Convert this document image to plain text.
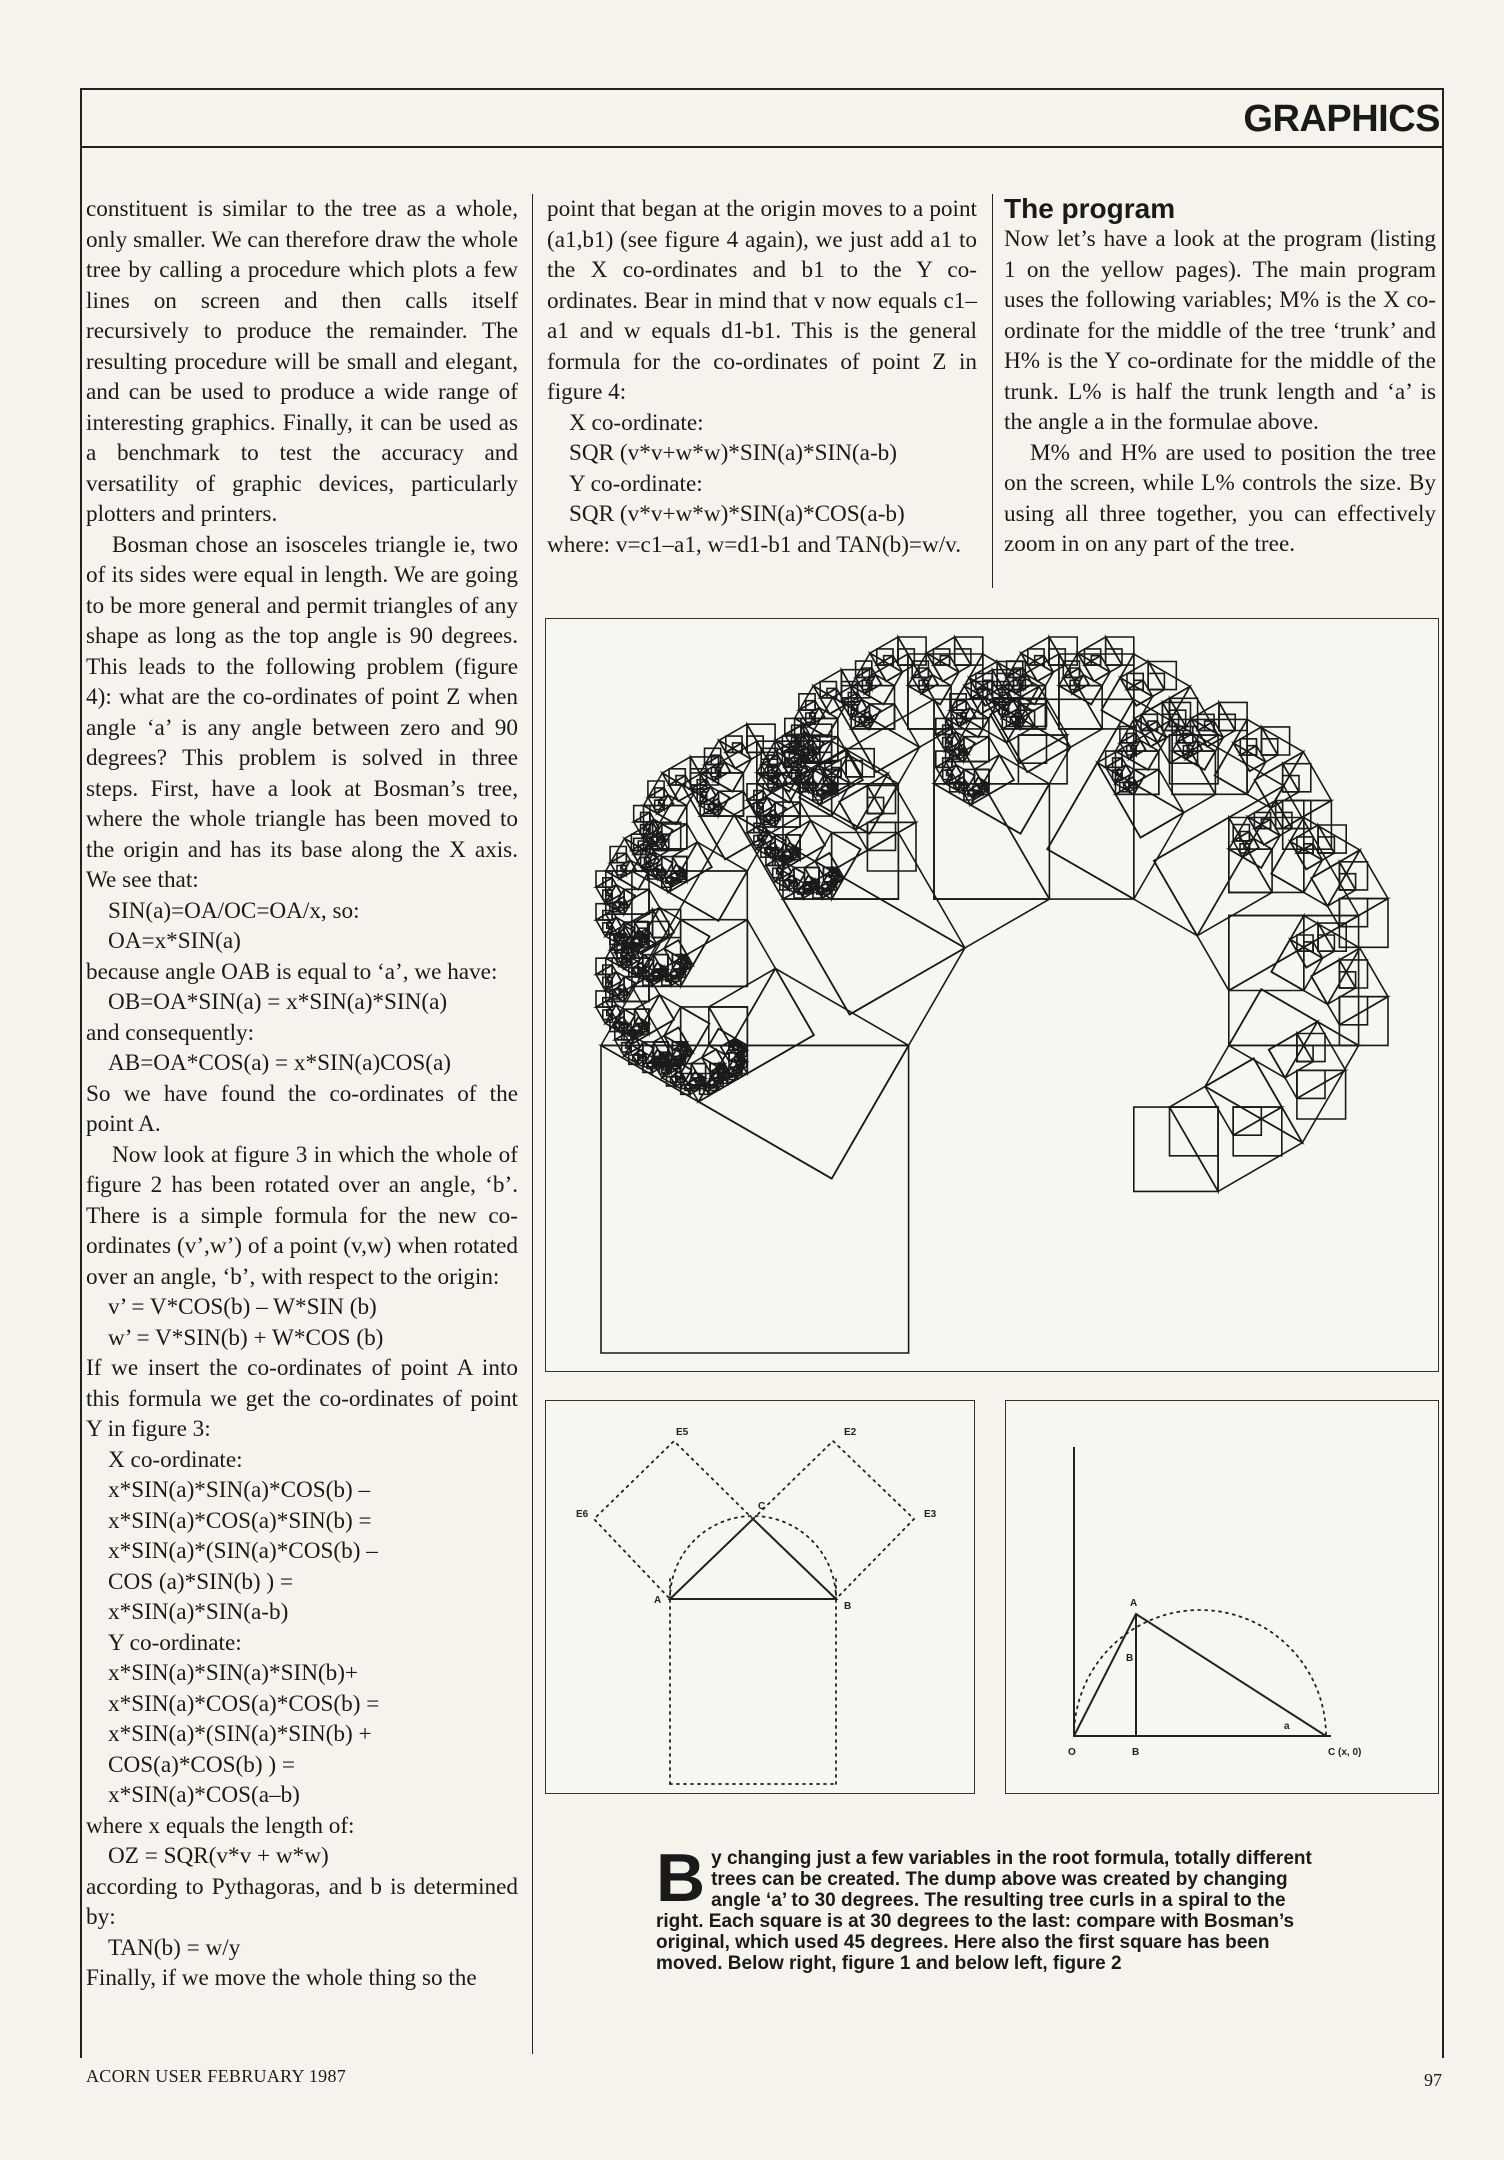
GRAPHICS

constituent is similar to the tree as a whole, only smaller. We can therefore draw the whole tree by calling a procedure which plots a few lines on screen and then calls itself recursively to produce the remainder. The resulting procedure will be small and elegant, and can be used to produce a wide range of interesting graphics. Finally, it can be used as a benchmark to test the accuracy and versatility of graphic devices, particularly plotters and printers.

Bosman chose an isosceles triangle ie, two of its sides were equal in length. We are going to be more general and permit triangles of any shape as long as the top angle is 90 degrees. This leads to the following problem (figure 4): what are the co-ordinates of point Z when angle ‘a’ is any angle between zero and 90 degrees? This problem is solved in three steps. First, have a look at Bosman’s tree, where the whole triangle has been moved to the origin and has its base along the X axis. We see that:

SIN(a)=OA/OC=OA/x, so:

OA=x*SIN(a)

because angle OAB is equal to ‘a’, we have:

OB=OA*SIN(a) = x*SIN(a)*SIN(a)

and consequently:

AB=OA*COS(a) = x*SIN(a)COS(a)

So we have found the co-ordinates of the point A.

Now look at figure 3 in which the whole of figure 2 has been rotated over an angle, ‘b’. There is a simple formula for the new co-ordinates (v’,w’) of a point (v,w) when rotated over an angle, ‘b’, with respect to the origin:

v’ = V*COS(b) – W*SIN (b)

w’ = V*SIN(b) + W*COS (b)

If we insert the co-ordinates of point A into this formula we get the co-ordinates of point Y in figure 3:

X co-ordinate:

x*SIN(a)*SIN(a)*COS(b) –

x*SIN(a)*COS(a)*SIN(b) =

x*SIN(a)*(SIN(a)*COS(b) –

COS (a)*SIN(b) ) =

x*SIN(a)*SIN(a-b)

Y co-ordinate:

x*SIN(a)*SIN(a)*SIN(b)+

x*SIN(a)*COS(a)*COS(b) =

x*SIN(a)*(SIN(a)*SIN(b) +

COS(a)*COS(b) ) =

x*SIN(a)*COS(a–b)

where x equals the length of:

OZ = SQR(v*v + w*w)

according to Pythagoras, and b is determined by:

TAN(b) = w/y

Finally, if we move the whole thing so the

point that began at the origin moves to a point (a1,b1) (see figure 4 again), we just add a1 to the X co-ordinates and b1 to the Y co-ordinates. Bear in mind that v now equals c1–a1 and w equals d1-b1. This is the general formula for the co-ordinates of point Z in figure 4:

X co-ordinate:

SQR (v*v+w*w)*SIN(a)*SIN(a-b)

Y co-ordinate:

SQR (v*v+w*w)*SIN(a)*COS(a-b)

where: v=c1–a1, w=d1-b1 and TAN(b)=w/v.

The program

Now let’s have a look at the program (listing 1 on the yellow pages). The main program uses the following variables; M% is the X co-ordinate for the middle of the tree ‘trunk’ and H% is the Y co-ordinate for the middle of the trunk. L% is half the trunk length and ‘a’ is the angle a in the formulae above.

M% and H% are used to position the tree on the screen, while L% controls the size. By using all three together, you can effectively zoom in on any part of the tree.

E5	E2
E6	E3
C
A
B	A
B
a
O	B	C (x, 0)
By changing just a few variables in the root formula, totally different trees can be created. The dump above was created by changing angle ‘a’ to 30 degrees. The resulting tree curls in a spiral to the right. Each square is at 30 degrees to the last: compare with Bosman’s original, which used 45 degrees. Here also the first square has been moved. Below right, figure 1 and below left, figure 2
ACORN USER FEBRUARY 1987	97
